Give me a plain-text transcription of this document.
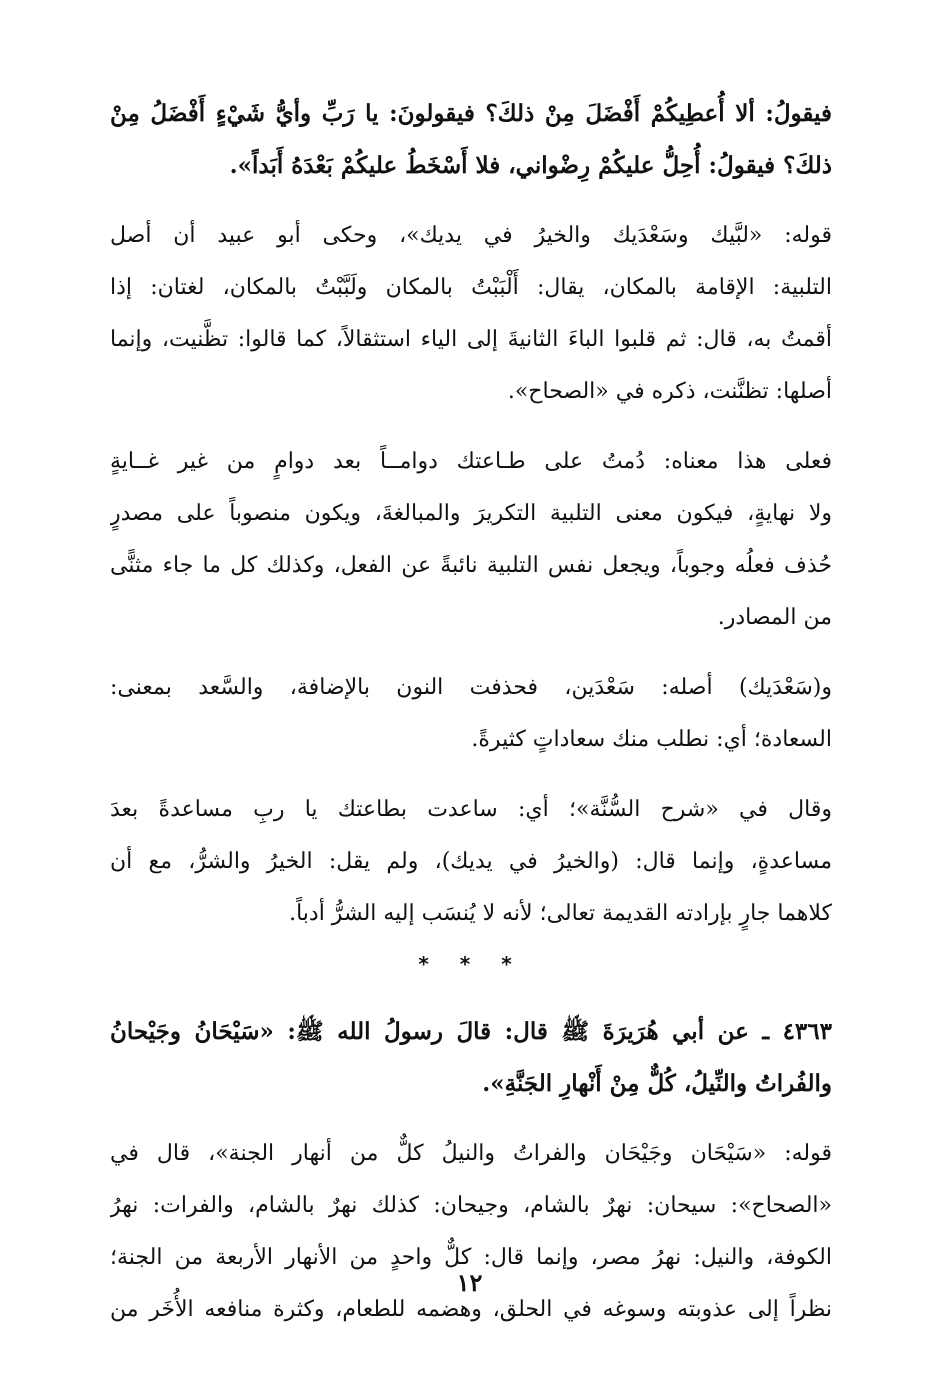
فيقولُ: ألا أُعطِيكُمْ أَفْضَلَ مِنْ ذلكَ؟ فيقولونَ: يا رَبِّ وأيُّ شَيْءٍ أَفْضَلُ مِنْ
ذلكَ؟ فيقولُ: أُحِلُّ عليكُمْ رِضْواني، فلا أَسْخَطُ عليكُمْ بَعْدَهُ أَبَداً».
قوله: «لبَّيك وسَعْدَيك والخيرُ في يديك»، وحكى أبو عبيد أن أصل
التلبية: الإقامة بالمكان، يقال: أَلْبَبْتُ بالمكان ولَبَّبْتُ بالمكان، لغتان: إذا
أقمتُ به، قال: ثم قلبوا الباءَ الثانيةَ إلى الياء استثقالاً، كما قالوا: تظَّنيت، وإنما
أصلها: تظنَّنت، ذكره في «الصحاح».
فعلى هذا معناه: دُمتُ على طـاعتك دوامــاً بعد دوامٍ من غير غــايةٍ
ولا نهايةٍ، فيكون معنى التلبية التكريرَ والمبالغةَ، ويكون منصوباً على مصدرٍ
حُذف فعلُه وجوباً، ويجعل نفس التلبية نائبةً عن الفعل، وكذلك كل ما جاء مثنًّى
من المصادر.
و(سَعْدَيك) أصله: سَعْدَين، فحذفت النون بالإضافة، والسَّعد بمعنى:
السعادة؛ أي: نطلب منك سعاداتٍ كثيرةً.
وقال في «شرح السُّنَّة»؛ أي: ساعدت بطاعتك يا ربِ مساعدةً بعدَ
مساعدةٍ، وإنما قال: (والخيرُ في يديك)، ولم يقل: الخيرُ والشرُّ، مع أن
كلاهما جارٍ بإرادته القديمة تعالى؛ لأنه لا يُنسَب إليه الشرُّ أدباً.
* * *
٤٣٦٣ ـ عن أبي هُرَيرَةَ ﷺ قال: قالَ رسولُ الله ﷺ: «سَيْحَانُ وجَيْحانُ
والفُراتُ والنِّيلُ، كُلٌّ مِنْ أَنْهارِ الجَنَّةِ».
قوله: «سَيْحَان وجَيْحَان والفراتُ والنيلُ كلٌّ من أنهار الجنة»، قال في
«الصحاح»: سيحان: نهرٌ بالشام، وجيحان: كذلك نهرٌ بالشام، والفرات: نهرُ
الكوفة، والنيل: نهرُ مصر، وإنما قال: كلٌّ واحدٍ من الأنهار الأربعة من الجنة؛
نظراً إلى عذوبته وسوغه في الحلق، وهضمه للطعام، وكثرة منافعه الأُخَر من
١٢
